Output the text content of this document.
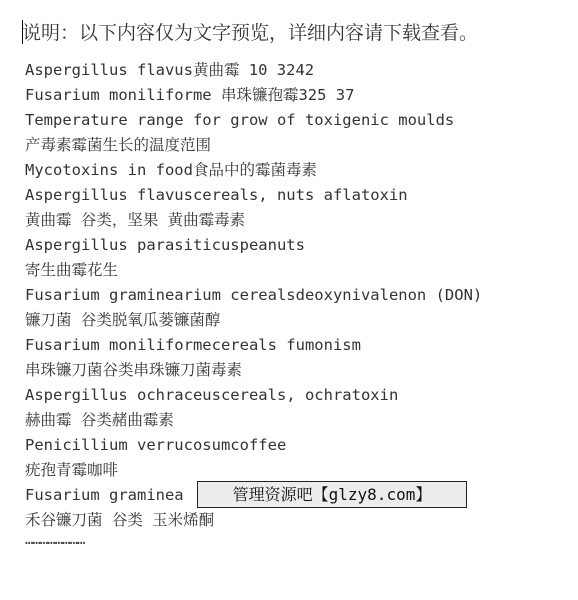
说明：以下内容仅为文字预览，详细内容请下载查看。
Aspergillus flavus黄曲霉 10 3242
Fusarium moniliforme 串珠镰孢霉325 37
Temperature range for grow of toxigenic moulds
产毒素霉菌生长的温度范围
Mycotoxins in food食品中的霉菌毒素
Aspergillus flavuscereals, nuts aflatoxin
黄曲霉 谷类，坚果 黄曲霉毒素
Aspergillus parasiticuspeanuts
寄生曲霉花生
Fusarium graminearium cerealsdeoxynivalenon (DON)
镰刀菌 谷类脱氧瓜蒌镰菌醇
Fusarium moniliformecereals fumonism
串珠镰刀菌谷类串珠镰刀菌毒素
Aspergillus ochraceuscereals, ochratoxin
赫曲霉 谷类赭曲霉素
Penicillium verrucosumcoffee
疣孢青霉咖啡
Fusarium graminea
禾谷镰刀菌 谷类 玉米烯酮
……………………
管理资源吧【glzy8.com】
